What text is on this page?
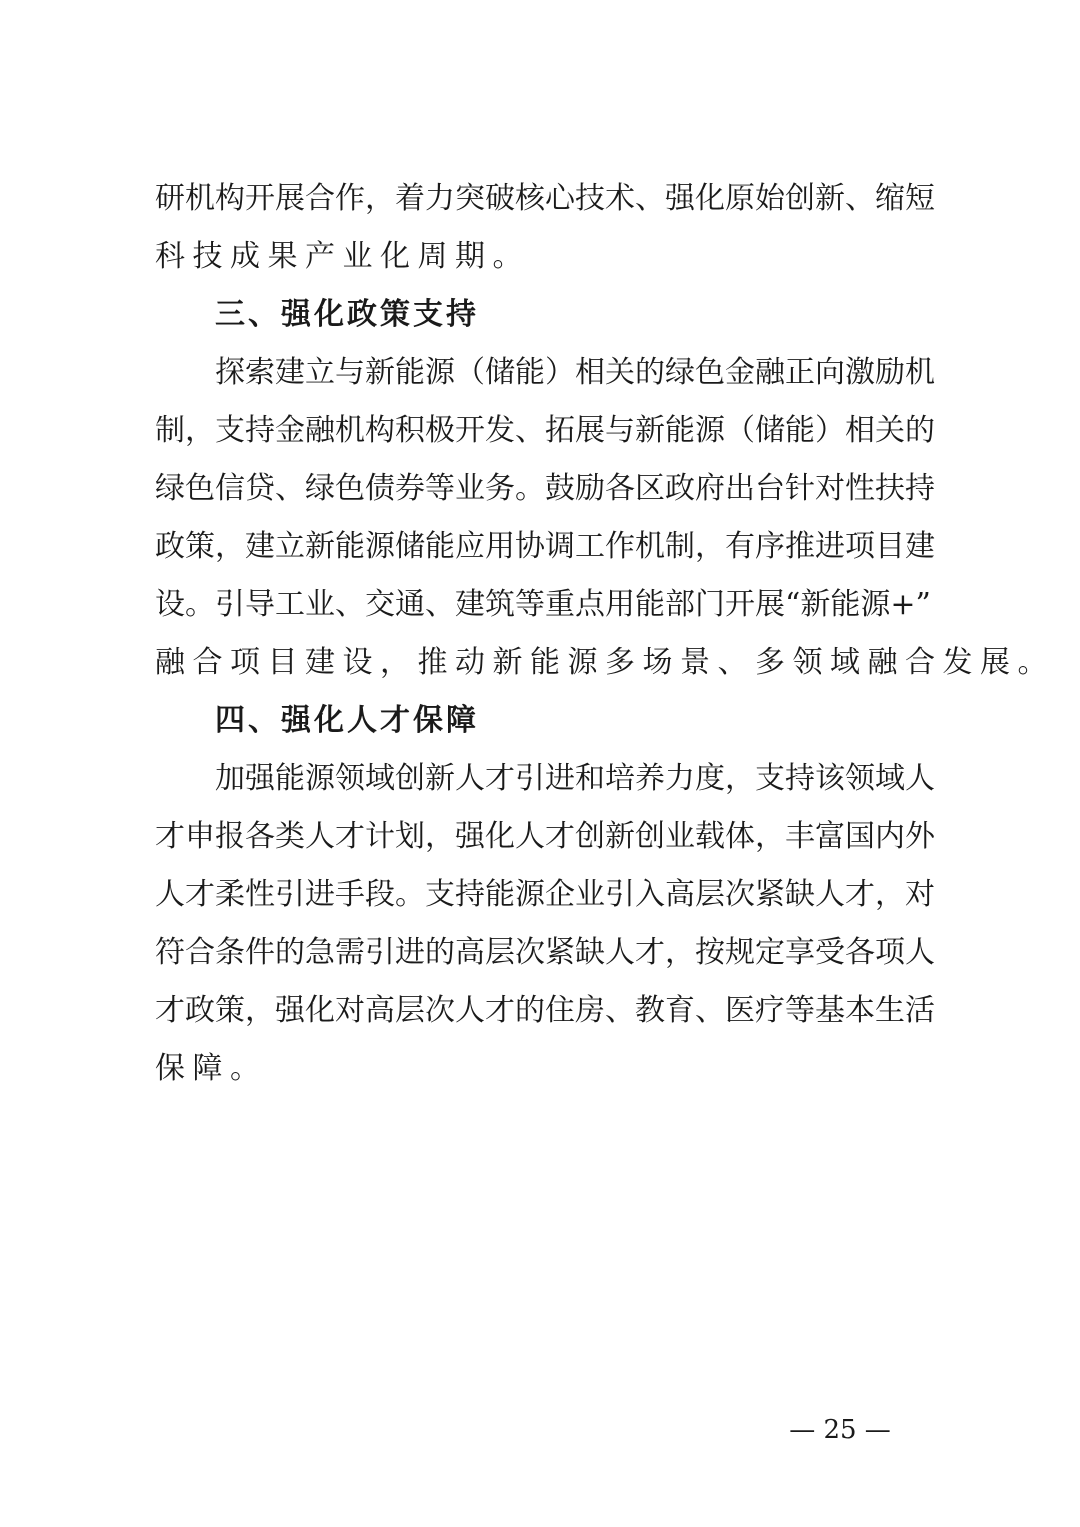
研 机 构 开 展 合 作 ， 着 力 突 破 核 心 技 术 、 强 化 原 始 创 新 、 缩 短
科 技 成 果 产 业 化 周 期 。
三、强化政策支持
探 索 建 立 与 新 能 源 （ 储 能 ） 相 关 的 绿 色 金 融 正 向 激 励 机
制 ， 支 持 金 融 机 构 积 极 开 发 、 拓 展 与 新 能 源 （ 储 能 ） 相 关 的
绿 色 信 贷 、 绿 色 债 券 等 业 务 。 鼓 励 各 区 政 府 出 台 针 对 性 扶 持
政 策 ， 建 立 新 能 源 储 能 应 用 协 调 工 作 机 制 ， 有 序 推 进 项 目 建
设 。 引 导 工 业 、 交 通 、 建 筑 等 重 点 用 能 部 门 开 展 “ 新 能 源 + ”
融 合 项 目 建 设 ， 推 动 新 能 源 多 场 景 、 多 领 域 融 合 发 展 。
四、强化人才保障
加 强 能 源 领 域 创 新 人 才 引 进 和 培 养 力 度 ， 支 持 该 领 域 人
才 申 报 各 类 人 才 计 划 ， 强 化 人 才 创 新 创 业 载 体 ， 丰 富 国 内 外
人 才 柔 性 引 进 手 段 。 支 持 能 源 企 业 引 入 高 层 次 紧 缺 人 才 ， 对
符 合 条 件 的 急 需 引 进 的 高 层 次 紧 缺 人 才 ， 按 规 定 享 受 各 项 人
才 政 策 ， 强 化 对 高 层 次 人 才 的 住 房 、 教 育 、 医 疗 等 基 本 生 活
保 障 。
— 25 —
